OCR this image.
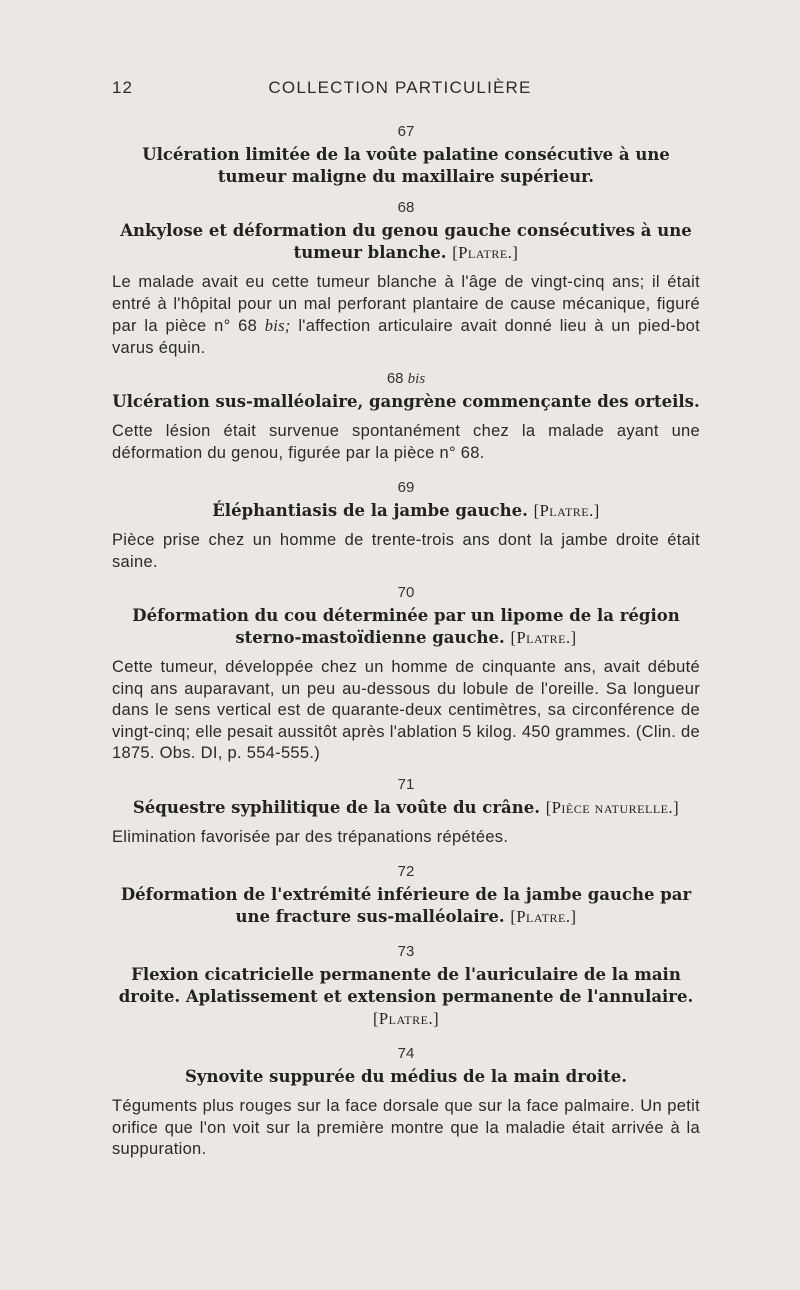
12	COLLECTION PARTICULIÈRE
67
Ulcération limitée de la voûte palatine consécutive à une tumeur maligne du maxillaire supérieur.
68
Ankylose et déformation du genou gauche consécutives à une tumeur blanche. [Platre.]

Le malade avait eu cette tumeur blanche à l'âge de vingt-cinq ans; il était entré à l'hôpital pour un mal perforant plantaire de cause mécanique, figuré par la pièce n° 68 bis; l'affection articulaire avait donné lieu à un pied-bot varus équin.

68 bis
Ulcération sus-malléolaire, gangrène commençante des orteils.

Cette lésion était survenue spontanément chez la malade ayant une déformation du genou, figurée par la pièce n° 68.

69
Éléphantiasis de la jambe gauche. [Platre.]

Pièce prise chez un homme de trente-trois ans dont la jambe droite était saine.

70
Déformation du cou déterminée par un lipome de la région sterno-mastoïdienne gauche. [Platre.]

Cette tumeur, développée chez un homme de cinquante ans, avait débuté cinq ans auparavant, un peu au-dessous du lobule de l'oreille. Sa longueur dans le sens vertical est de quarante-deux centimètres, sa circonférence de vingt-cinq; elle pesait aussitôt après l'ablation 5 kilog. 450 grammes. (Clin. de 1875. Obs. DI, p. 554-555.)

71
Séquestre syphilitique de la voûte du crâne. [Pièce naturelle.]

Elimination favorisée par des trépanations répétées.

72
Déformation de l'extrémité inférieure de la jambe gauche par une fracture sus-malléolaire. [Platre.]
73
Flexion cicatricielle permanente de l'auriculaire de la main droite. Aplatissement et extension permanente de l'annulaire.
[Platre.]
74
Synovite suppurée du médius de la main droite.

Téguments plus rouges sur la face dorsale que sur la face palmaire. Un petit orifice que l'on voit sur la première montre que la maladie était arrivée à la suppuration.
